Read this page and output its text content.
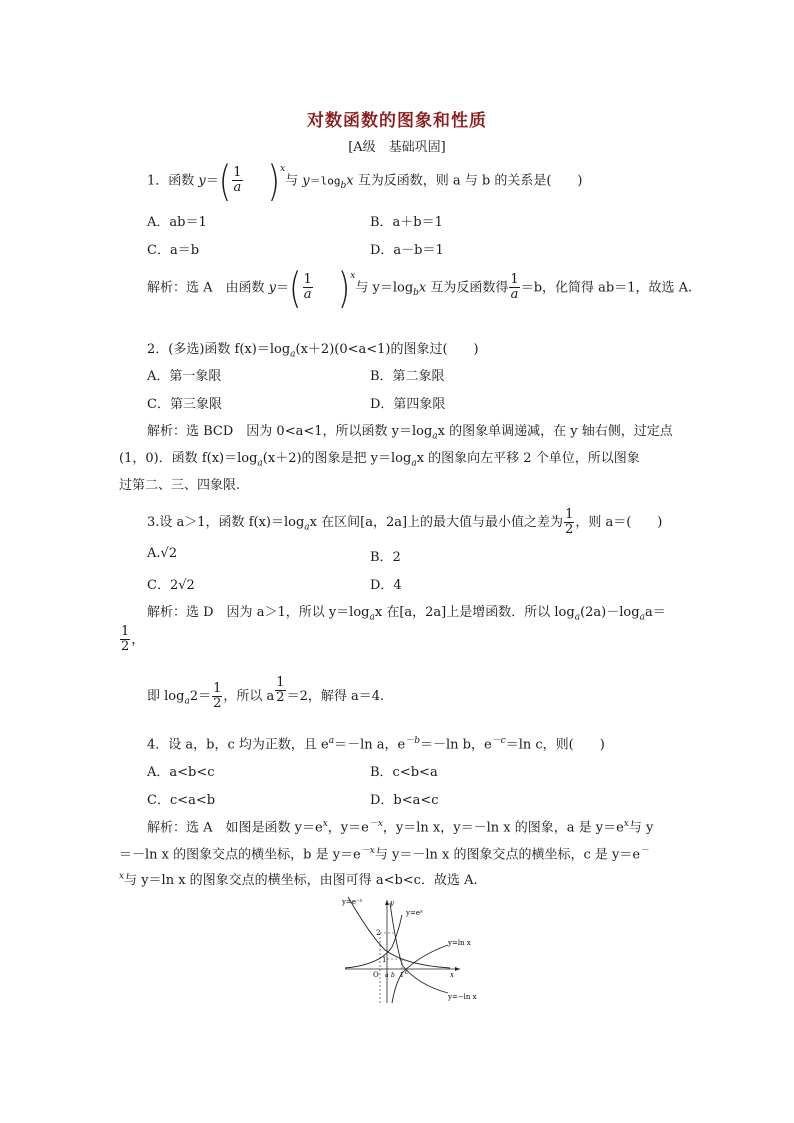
对数函数的图象和性质
[A级　基础巩固]
1．函数 $y=( \frac{1}{a} )^x$与 $y=\log_bx$ 互为反函数，则 a 与 b 的关系是(　　)
A．ab＝1	B．a＋b＝1
C．a＝b	D．a－b＝1
解析：选 A　由函数 $y=( \frac{1}{a} )^x$与 $y=\log_bx$ 互为反函数得 $\frac{1}{a} =b$，化简得 ab＝1，故选 A.
2．(多选)函数 $f(x)=\log_a(x+2)(0<a<1)$的图象过(　　)
A．第一象限	B．第二象限
C．第三象限	D．第四象限
解析：选 BCD　因为 0<a<1，所以函数 $y=\log_ax$ 的图象单调递减，在 y 轴右侧，过定点
(1，0)．函数 $f(x)=\log_a(x+2)$的图象是把 $y=\log_ax$ 的图象向左平移 2 个单位，所以图象
过第二、三、四象限.
3.设 a＞1，函数 $f(x)=\log_ax$ 在区间[a，2a]上的最大值与最小值之差为 $\frac{1}{2}$ ，则 a＝(　　)
A.√2	B．2
C．2√2	D．4
解析：选 D　因为 a＞1，所以 $y=\log_ax$ 在[a，2a]上是增函数．所以 $\log_a(2a)-\log_aa=$
$\frac{1}{2}$ ，
即 $\log_a2= \frac{1}{2}$ ，所以 a $\frac{1}{2} =2$，解得 a＝4.
4．设 a，b，c 均为正数，且 $e^a=-\ln$ a，$e^{-b}=-\ln$ b，$e^{-c}=\ln$ c，则(　　)
A．a<b<c	B．c<b<a
C．c<a<b	D．b<a<c
解析：选 A　如图是函数 $y=e^x$，$y=e^{-x}$，y＝ln x，y＝－ln x 的图象，a 是 $y=e^x$与 y
＝－ln x 的图象交点的横坐标，b 是 $y=e^{-x}$与 y＝－ln x 的图象交点的横坐标，c 是 y＝e－
$^x$与 y＝ln x 的图象交点的横坐标，由图可得 a<b<c．故选 A.
y=e⁻ˣ
y=eˣ
y=ln x
y=−ln x
y
x
2
1
O a b 1 c
